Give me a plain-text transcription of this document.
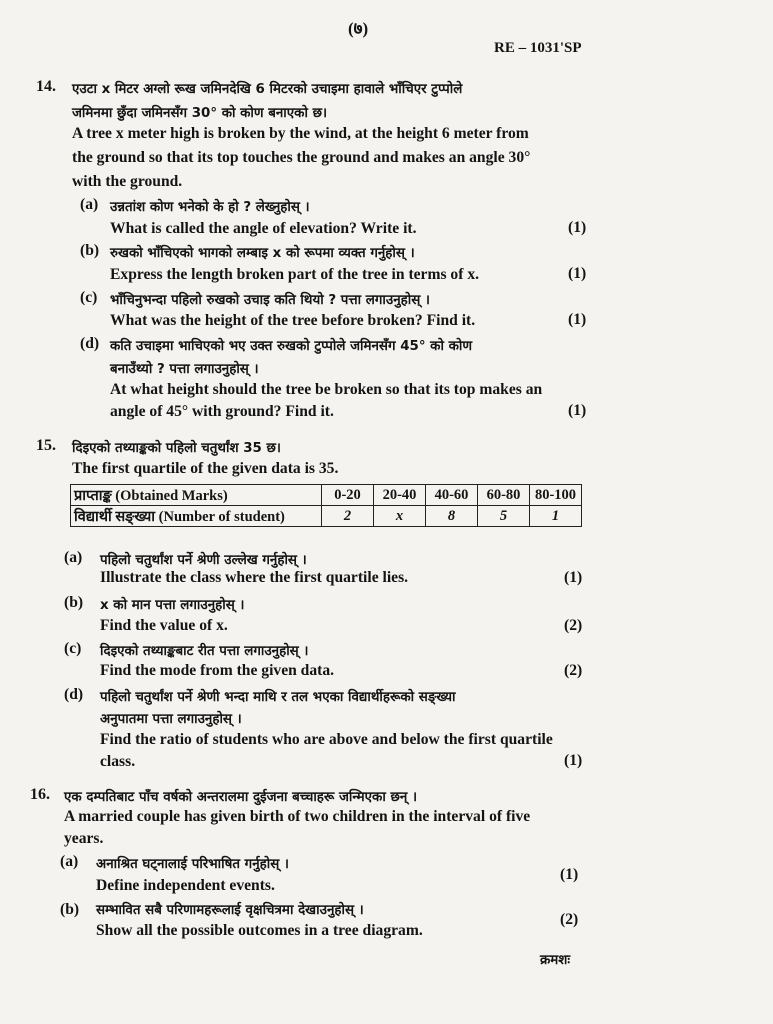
(७)
RE – 1031'SP
14. एउटा x मिटर अग्लो रूख जमिनदेखि 6 मिटरको उचाइमा हावाले भाँचिएर टुप्पोले
जमिनमा छुँदा जमिनसँग 30° को कोण बनाएको छ।
A tree x meter high is broken by the wind, at the height 6 meter from
the ground so that its top touches the ground and makes an angle 30°
with the ground.
(a) उन्नतांश कोण भनेको के हो ? लेख्नुहोस् ।
What is called the angle of elevation? Write it.	(1)
(b) रुखको भाँचिएको भागको लम्बाइ x को रूपमा व्यक्त गर्नुहोस् ।
Express the length broken part of the tree in terms of x.	(1)
(c) भाँचिनुभन्दा पहिलो रुखको उचाइ कति थियो ? पत्ता लगाउनुहोस् ।
What was the height of the tree before broken? Find it.	(1)
(d) कति उचाइमा भाचिएको भए उक्त रुखको टुप्पोले जमिनसँग 45° को कोण
बनाउँथ्यो ? पत्ता लगाउनुहोस् ।
At what height should the tree be broken so that its top makes an
angle of 45° with ground? Find it.	(1)
15. दिइएको तथ्याङ्कको पहिलो चतुर्थांश 35 छ।
The first quartile of the given data is 35.
प्राप्ताङ्क (Obtained Marks)	0-20	20-40	40-60	60-80	80-100
विद्यार्थी सङ्ख्या (Number of student)	2	x	8	5	1
(a) पहिलो चतुर्थांश पर्ने श्रेणी उल्लेख गर्नुहोस् ।
Illustrate the class where the first quartile lies.	(1)
(b) x को मान पत्ता लगाउनुहोस् ।
Find the value of x.	(2)
(c) दिइएको तथ्याङ्कबाट रीत पत्ता लगाउनुहोस् ।
Find the mode from the given data.	(2)
(d) पहिलो चतुर्थांश पर्ने श्रेणी भन्दा माथि र तल भएका विद्यार्थीहरूको सङ्ख्या
अनुपातमा पत्ता लगाउनुहोस् ।
Find the ratio of students who are above and below the first quartile
class.	(1)
16. एक दम्पतिबाट पाँच वर्षको अन्तरालमा दुईजना बच्चाहरू जन्मिएका छन् ।
A married couple has given birth of two children in the interval of five
years.
(a) अनाश्रित घट्नालाई परिभाषित गर्नुहोस् ।
Define independent events.
(1)
(b) सम्भावित सबै परिणामहरूलाई वृक्षचित्रमा देखाउनुहोस् ।
Show all the possible outcomes in a tree diagram.
(2)
क्रमशः
